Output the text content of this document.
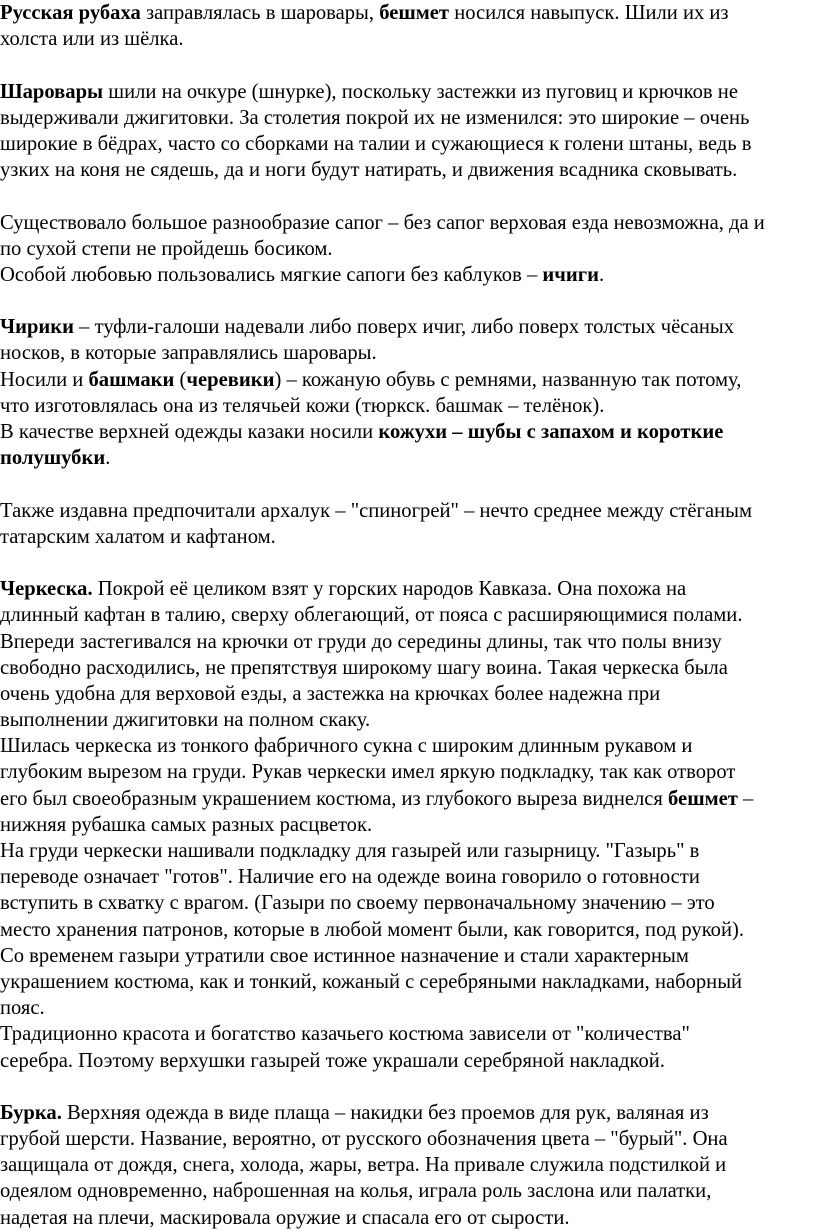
Русская рубаха заправлялась в шаровары, бешмет носился навыпуск. Шили их из
холста или из шёлка.
Шаровары шили на очкуре (шнурке), поскольку застежки из пуговиц и крючков не
выдерживали джигитовки. За столетия покрой их не изменился: это широкие – очень
широкие в бёдрах, часто со сборками на талии и сужающиеся к голени штаны, ведь в
узких на коня не сядешь, да и ноги будут натирать, и движения всадника сковывать.
Существовало большое разнообразие сапог – без сапог верховая езда невозможна, да и
по сухой степи не пройдешь босиком.
Особой любовью пользовались мягкие сапоги без каблуков – ичиги.
Чирики – туфли-галоши надевали либо поверх ичиг, либо поверх толстых чёсаных
носков, в которые заправлялись шаровары.
Носили и башмаки (черевики) – кожаную обувь с ремнями, названную так потому,
что изготовлялась она из телячьей кожи (тюркск. башмак – телёнок).
В качестве верхней одежды казаки носили кожухи – шубы с запахом и короткие
полушубки.
Также издавна предпочитали архалук – "спиногрей" – нечто среднее между стёганым
татарским халатом и кафтаном.
Черкеска. Покрой её целиком взят у горских народов Кавказа. Она похожа на
длинный кафтан в талию, сверху облегающий, от пояса с расширяющимися полами.
Впереди застегивался на крючки от груди до середины длины, так что полы внизу
свободно расходились, не препятствуя широкому шагу воина. Такая черкеска была
очень удобна для верховой езды, а застежка на крючках более надежна при
выполнении джигитовки на полном скаку.
Шилась черкеска из тонкого фабричного сукна с широким длинным рукавом и
глубоким вырезом на груди. Рукав черкески имел яркую подкладку, так как отворот
его был своеобразным украшением костюма, из глубокого выреза виднелся бешмет –
нижняя рубашка самых разных расцветок.
На груди черкески нашивали подкладку для газырей или газырницу. "Газырь" в
переводе означает "готов". Наличие его на одежде воина говорило о готовности
вступить в схватку с врагом. (Газыри по своему первоначальному значению – это
место хранения патронов, которые в любой момент были, как говорится, под рукой).
Со временем газыри утратили свое истинное назначение и стали характерным
украшением костюма, как и тонкий, кожаный с серебряными накладками, наборный
пояс.
Традиционно красота и богатство казачьего костюма зависели от "количества"
серебра. Поэтому верхушки газырей тоже украшали серебряной накладкой.
Бурка. Верхняя одежда в виде плаща – накидки без проемов для рук, валяная из
грубой шерсти. Название, вероятно, от русского обозначения цвета – "бурый". Она
защищала от дождя, снега, холода, жары, ветра. На привале служила подстилкой и
одеялом одновременно, наброшенная на колья, играла роль заслона или палатки,
надетая на плечи, маскировала оружие и спасала его от сырости.
